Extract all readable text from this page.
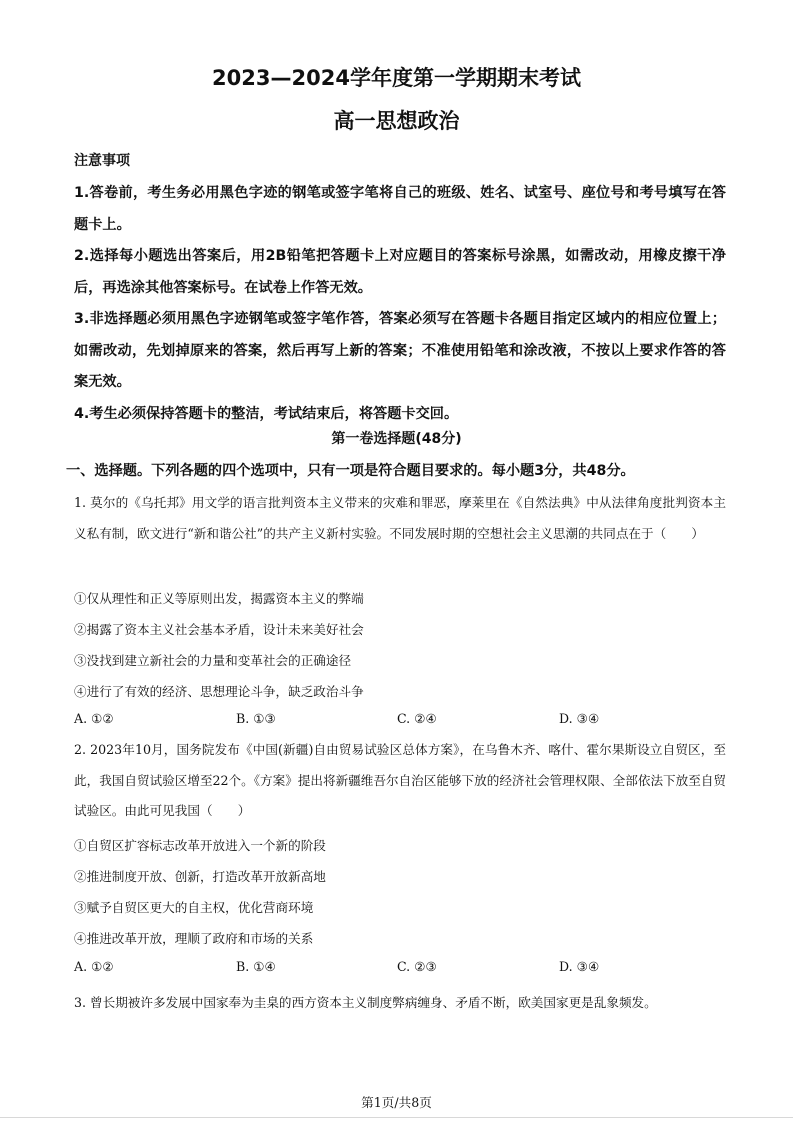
2023—2024学年度第一学期期末考试
高一思想政治
注意事项

1.答卷前，考生务必用黑色字迹的钢笔或签字笔将自己的班级、姓名、试室号、座位号和考号填写在答题卡上。

2.选择每小题选出答案后，用2B铅笔把答题卡上对应题目的答案标号涂黑，如需改动，用橡皮擦干净后，再选涂其他答案标号。在试卷上作答无效。

3.非选择题必须用黑色字迹钢笔或签字笔作答，答案必须写在答题卡各题目指定区域内的相应位置上；如需改动，先划掉原来的答案，然后再写上新的答案；不准使用铅笔和涂改液，不按以上要求作答的答案无效。

4.考生必须保持答题卡的整洁，考试结束后，将答题卡交回。

第一卷选择题(48分)
一、选择题。下列各题的四个选项中，只有一项是符合题目要求的。每小题3分，共48分。

1. 莫尔的《乌托邦》用文学的语言批判资本主义带来的灾难和罪恶，摩莱里在《自然法典》中从法律角度批判资本主义私有制，欧文进行“新和谐公社”的共产主义新村实验。不同发展时期的空想社会主义思潮的共同点在于（　　）

①仅从理性和正义等原则出发，揭露资本主义的弊端
②揭露了资本主义社会基本矛盾，设计未来美好社会
③没找到建立新社会的力量和变革社会的正确途径
④进行了有效的经济、思想理论斗争，缺乏政治斗争
A. ①②	B. ①③	C. ②④	D. ③④

2. 2023年10月，国务院发布《中国(新疆)自由贸易试验区总体方案》，在乌鲁木齐、喀什、霍尔果斯设立自贸区，至此，我国自贸试验区增至22个。《方案》提出将新疆维吾尔自治区能够下放的经济社会管理权限、全部依法下放至自贸试验区。由此可见我国（　　）

①自贸区扩容标志改革开放进入一个新的阶段
②推进制度开放、创新，打造改革开放新高地
③赋予自贸区更大的自主权，优化营商环境
④推进改革开放，理顺了政府和市场的关系
A. ①②	B. ①④	C. ②③	D. ③④

3. 曾长期被许多发展中国家奉为圭臬的西方资本主义制度弊病缠身、矛盾不断，欧美国家更是乱象频发。

第1页/共8页
